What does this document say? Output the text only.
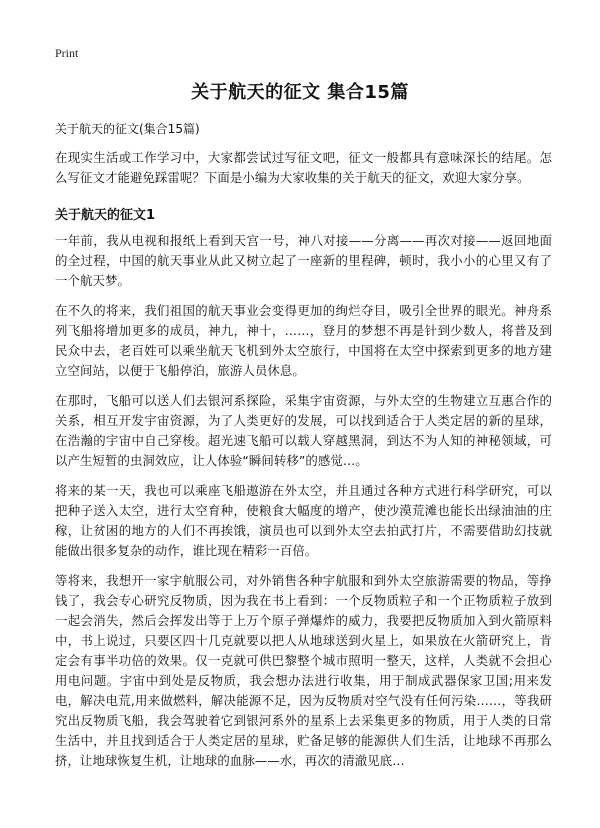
Print
关于航天的征文 集合15篇

关于航天的征文(集合15篇)

在现实生活或工作学习中，大家都尝试过写征文吧，征文一般都具有意味深长的结尾。怎么写征文才能避免踩雷呢？下面是小编为大家收集的关于航天的征文，欢迎大家分享。

关于航天的征文1

一年前，我从电视和报纸上看到天宫一号，神八对接——分离——再次对接——返回地面的全过程，中国的航天事业从此又树立起了一座新的里程碑，顿时，我小小的心里又有了一个航天梦。

在不久的将来，我们祖国的航天事业会变得更加的绚烂夺目，吸引全世界的眼光。神舟系列飞船将增加更多的成员，神九，神十，……，登月的梦想不再是针到少数人，将普及到民众中去，老百姓可以乘坐航天飞机到外太空旅行，中国将在太空中探索到更多的地方建立空间站，以便于飞船停泊，旅游人员休息。

在那时，飞船可以送人们去银河系探险，采集宇宙资源，与外太空的生物建立互惠合作的关系，相互开发宇宙资源，为了人类更好的发展，可以找到适合于人类定居的新的星球，在浩瀚的宇宙中自己穿梭。超光速飞船可以载人穿越黑洞，到达不为人知的神秘领域，可以产生短暂的虫洞效应，让人体验“瞬间转移”的感觉…。

将来的某一天，我也可以乘座飞船遨游在外太空，并且通过各种方式进行科学研究，可以把种子送入太空，进行太空育种，使粮食大幅度的增产，使沙漠荒滩也能长出绿油油的庄稼，让贫困的地方的人们不再挨饿，演员也可以到外太空去拍武打片，不需要借助幻技就能做出很多复杂的动作，谁比现在精彩一百倍。

等将来，我想开一家宇航服公司，对外销售各种宇航服和到外太空旅游需要的物品，等挣钱了，我会专心研究反物质，因为我在书上看到：一个反物质粒子和一个正物质粒子放到一起会消失，然后会挥发出等于上万个原子弹爆炸的威力，我要把反物质加入到火箭原料中，书上说过，只要区四十几克就要以把人从地球送到火星上，如果放在火箭研究上，肯定会有事半功倍的效果。仅一克就可供巴黎整个城市照明一整天，这样，人类就不会担心用电问题。宇宙中到处是反物质，我会想办法进行收集，用于制成武器保家卫国;用来发电，解决电荒,用来做燃料，解决能源不足，因为反物质对空气没有任何污染……，等我研究出反物质飞船，我会驾驶着它到银河系外的星系上去采集更多的物质，用于人类的日常生活中，并且找到适合于人类定居的星球，贮备足够的能源供人们生活，让地球不再那么挤，让地球恢复生机，让地球的血脉——水，再次的清澈见底…
